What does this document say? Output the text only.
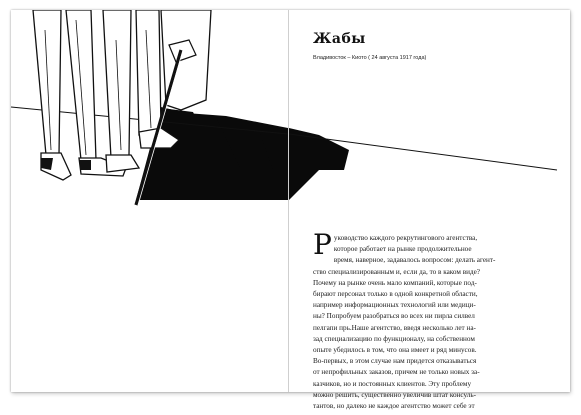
Жабы
Владивосток – Киото ( 24 августа 1917 года)
Р уководство каждого рекрутингового агентства,
которое работает на рынке продолжительное
время, наверное, задавалось вопросом: делать агент-
ство специализированным и, если да, то в каком виде?
Почему на рынке очень мало компаний, которые под-
бирают персонал только в одной конкретной области,
например информационных технологий или медици-
ны? Попробуем разобраться во всех ни пирла силвел
пелгапи прь.Наше агентство, введя несколько лет на-
зад специализацию по функционалу, на собственном
опыте убедилось в том, что она имеет и ряд минусов.
Во-первых, в этом случае нам придется отказываться
от непрофильных заказов, причем не только новых за-
казчиков, но и постоянных клиентов. Эту проблему
можно решить, существенно увеличив штат консуль-
тантов, но далеко не каждое агентство может себе эт
